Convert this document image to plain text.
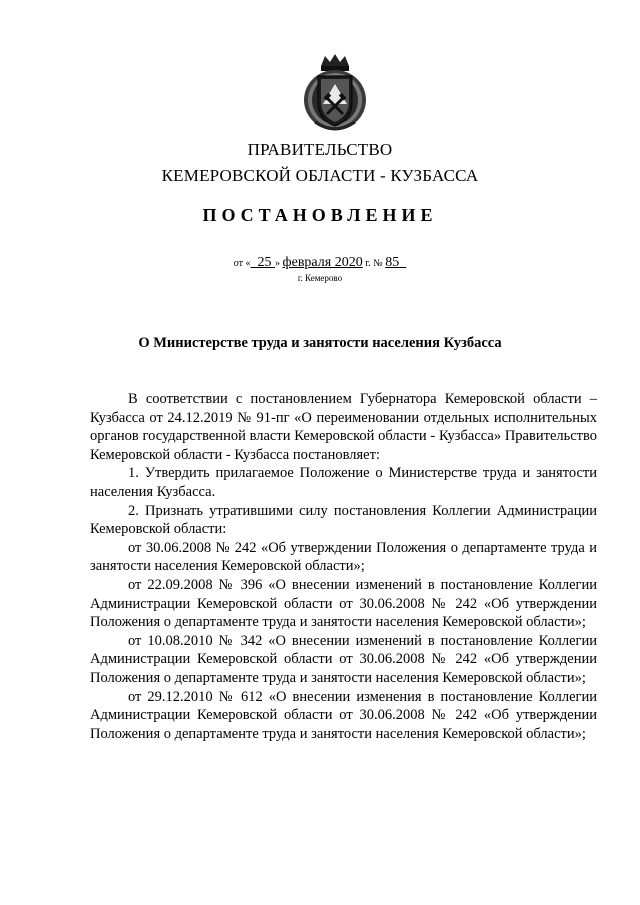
ПРАВИТЕЛЬСТВО
КЕМЕРОВСКОЙ ОБЛАСТИ - КУЗБАССА
ПОСТАНОВЛЕНИЕ
от « 25 » февраля 2020 г. № 85
г. Кемерово
О Министерстве труда и занятости населения Кузбасса

В соответствии с постановлением Губернатора Кемеровской области – Кузбасса от 24.12.2019 № 91-пг «О переименовании отдельных исполнительных органов государственной власти Кемеровской области - Кузбасса» Правительство Кемеровской области - Кузбасса постановляет:

1. Утвердить прилагаемое Положение о Министерстве труда и занятости населения Кузбасса.

2. Признать утратившими силу постановления Коллегии Администрации Кемеровской области:

от 30.06.2008 № 242 «Об утверждении Положения о департаменте труда и занятости населения Кемеровской области»;

от 22.09.2008 № 396 «О внесении изменений в постановление Коллегии Администрации Кемеровской области от 30.06.2008 № 242 «Об утверждении Положения о департаменте труда и занятости населения Кемеровской области»;

от 10.08.2010 № 342 «О внесении изменений в постановление Коллегии Администрации Кемеровской области от 30.06.2008 № 242 «Об утверждении Положения о департаменте труда и занятости населения Кемеровской области»;

от 29.12.2010 № 612 «О внесении изменения в постановление Коллегии Администрации Кемеровской области от 30.06.2008 № 242 «Об утверждении Положения о департаменте труда и занятости населения Кемеровской области»;
